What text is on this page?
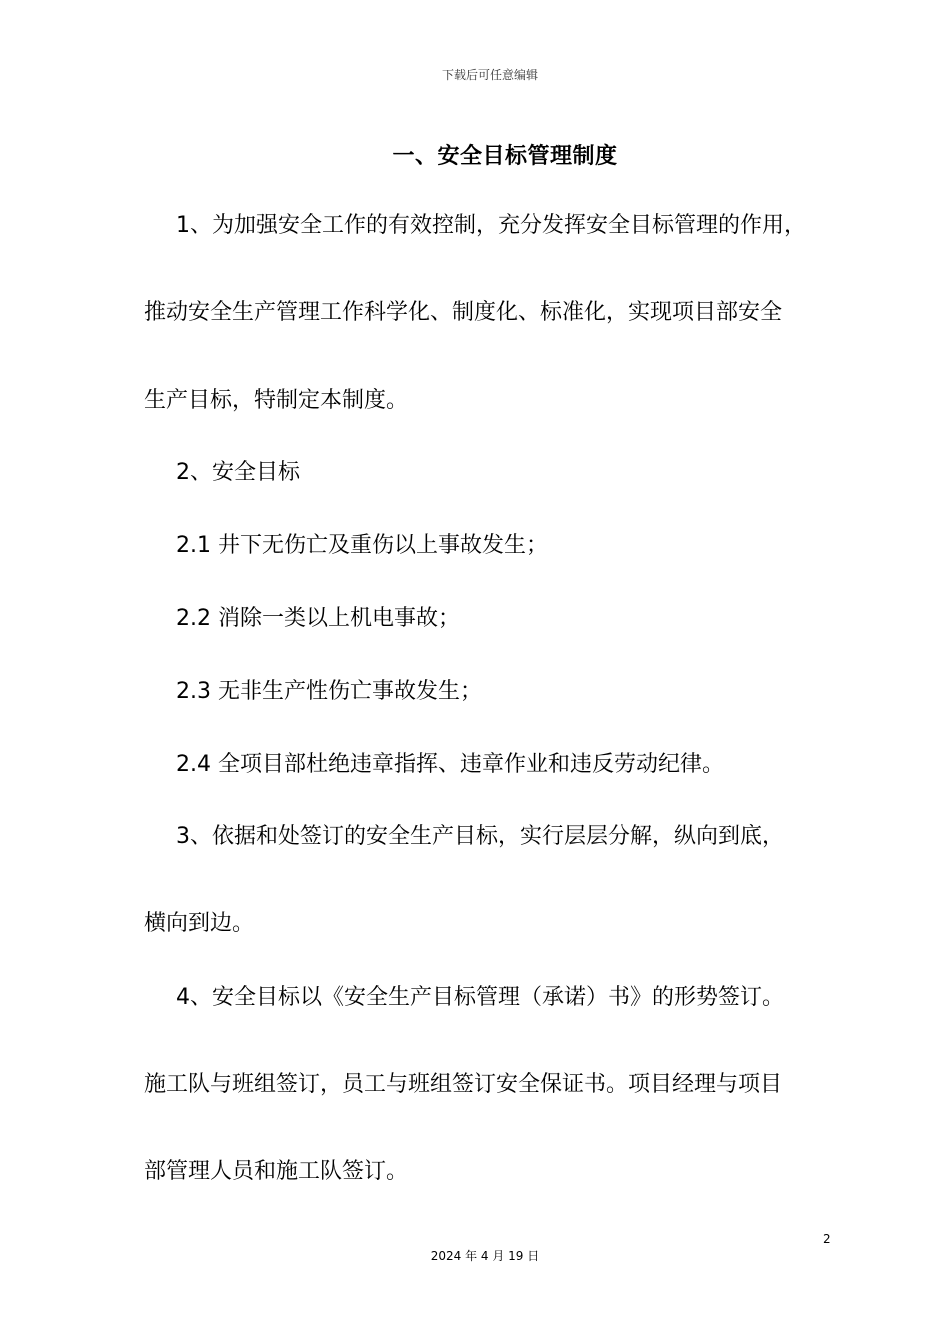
下载后可任意编辑
一、安全目标管理制度
1、为加强安全工作的有效控制，充分发挥安全目标管理的作用，
推动安全生产管理工作科学化、制度化、标准化，实现项目部安全
生产目标，特制定本制度。
2、安全目标
2.1 井下无伤亡及重伤以上事故发生；
2.2 消除一类以上机电事故；
2.3 无非生产性伤亡事故发生；
2.4 全项目部杜绝违章指挥、违章作业和违反劳动纪律。
3、依据和处签订的安全生产目标，实行层层分解，纵向到底，
横向到边。
4、安全目标以《安全生产目标管理（承诺）书》的形势签订。
施工队与班组签订，员工与班组签订安全保证书。项目经理与项目
部管理人员和施工队签订。
2
2024 年 4 月 19 日
